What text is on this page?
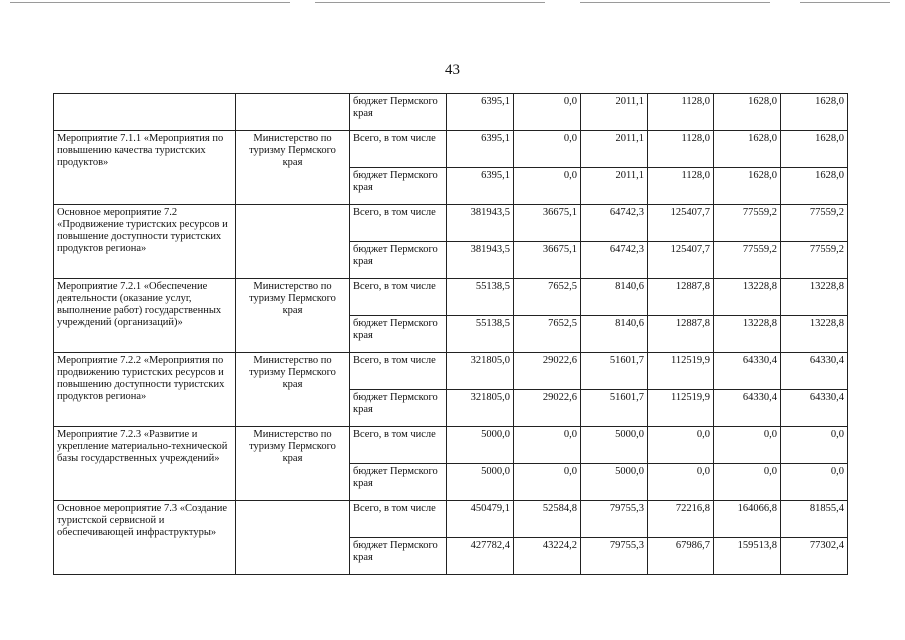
43
		бюджет Пермского края	6395,1	0,0	2011,1	1128,0	1628,0	1628,0
Мероприятие 7.1.1 «Мероприятия по повышению качества туристских продуктов»	Министерство по туризму Пермского края	Всего, в том числе	6395,1	0,0	2011,1	1128,0	1628,0	1628,0
		бюджет Пермского края	6395,1	0,0	2011,1	1128,0	1628,0	1628,0
Основное мероприятие 7.2 «Продвижение туристских ресурсов и повышение доступности туристских продуктов региона»		Всего, в том числе	381943,5	36675,1	64742,3	125407,7	77559,2	77559,2
		бюджет Пермского края	381943,5	36675,1	64742,3	125407,7	77559,2	77559,2
Мероприятие 7.2.1 «Обеспечение деятельности (оказание услуг, выполнение работ) государственных учреждений (организаций)»	Министерство по туризму Пермского края	Всего, в том числе	55138,5	7652,5	8140,6	12887,8	13228,8	13228,8
		бюджет Пермского края	55138,5	7652,5	8140,6	12887,8	13228,8	13228,8
Мероприятие 7.2.2 «Мероприятия по продвижению туристских ресурсов и повышению доступности туристских продуктов региона»	Министерство по туризму Пермского края	Всего, в том числе	321805,0	29022,6	51601,7	112519,9	64330,4	64330,4
		бюджет Пермского края	321805,0	29022,6	51601,7	112519,9	64330,4	64330,4
Мероприятие 7.2.3 «Развитие и укрепление материально-технической базы государственных учреждений»	Министерство по туризму Пермского края	Всего, в том числе	5000,0	0,0	5000,0	0,0	0,0	0,0
		бюджет Пермского края	5000,0	0,0	5000,0	0,0	0,0	0,0
Основное мероприятие 7.3 «Создание туристской сервисной и обеспечивающей инфраструктуры»		Всего, в том числе	450479,1	52584,8	79755,3	72216,8	164066,8	81855,4
		бюджет Пермского края	427782,4	43224,2	79755,3	67986,7	159513,8	77302,4
